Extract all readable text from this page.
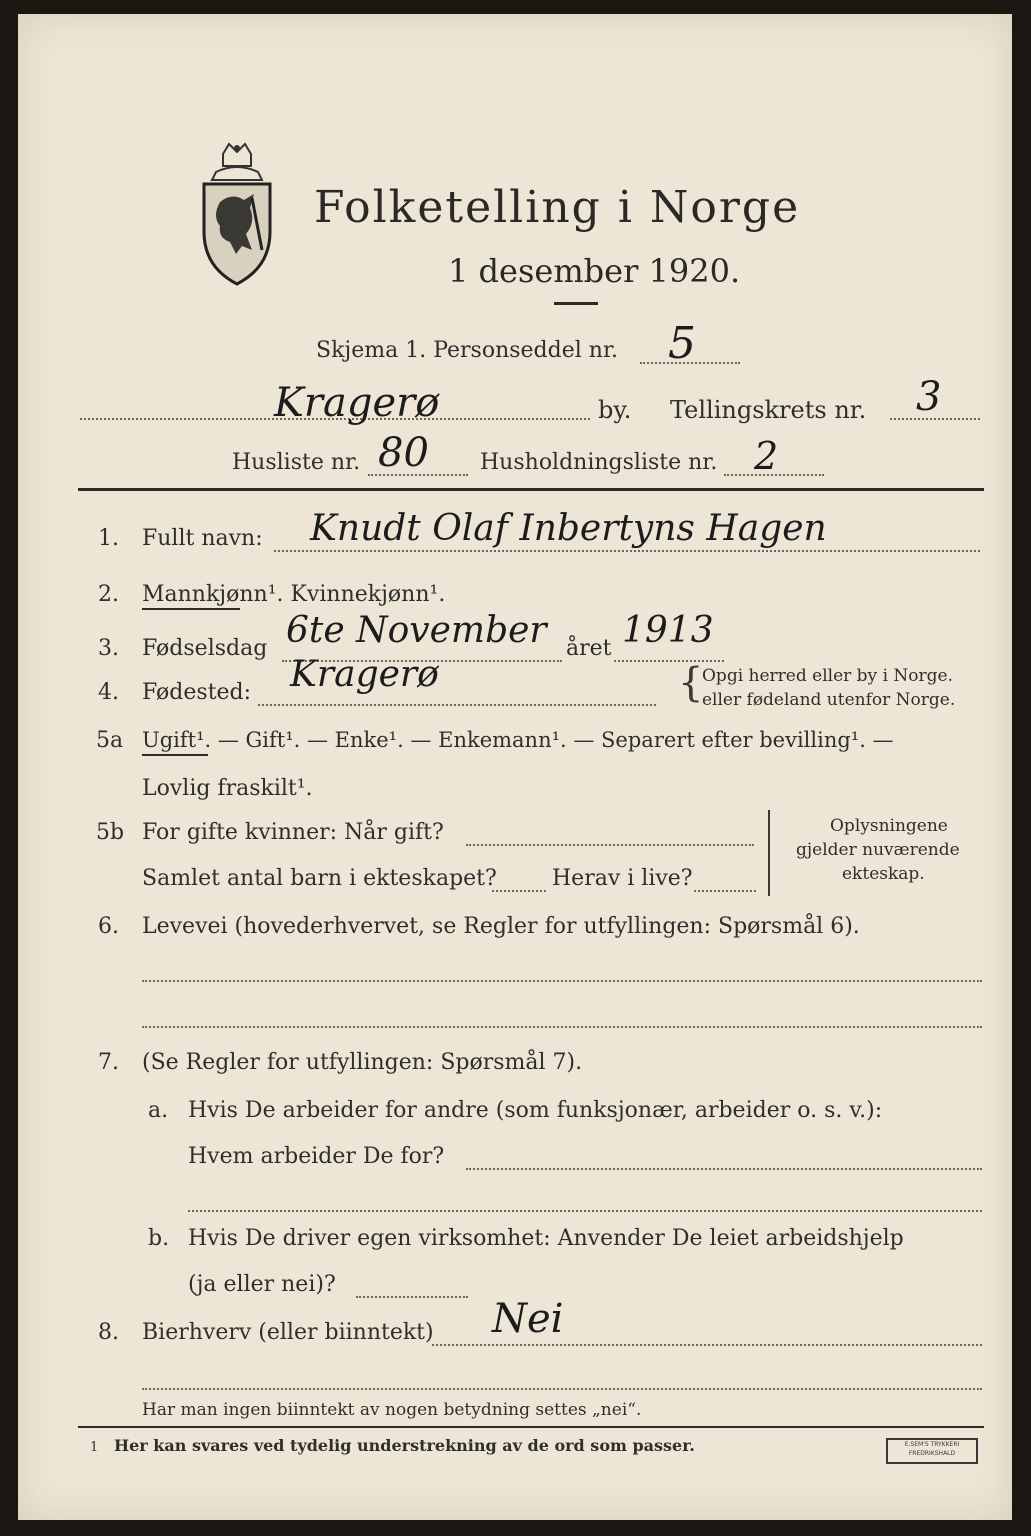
Folketelling i Norge
1 desember 1920.
Skjema 1. Personseddel nr. 5
Kragerø	by. Tellingskrets nr. 3
Husliste nr. 80 Husholdningsliste nr. 2
1. Fullt navn: Knudt Olaf Inbertyns Hagen
2. Mannkjønn¹. Kvinnekjønn¹.
3. Fødselsdag 6te November året 1913
4. Fødested: Kragerø	{
Opgi herred eller by i Norge.
eller fødeland utenfor Norge.
5a Ugift¹. — Gift¹. — Enke¹. — Enkemann¹. — Separert efter bevilling¹. —
Lovlig fraskilt¹.
5b For gifte kvinner: Når gift?
Samlet antal barn i ekteskapet?	Herav i live?
Oplysningene
gjelder nuværende
ekteskap.
6. Levevei (hovederhvervet, se Regler for utfyllingen: Spørsmål 6).
7. (Se Regler for utfyllingen: Spørsmål 7).
a. Hvis De arbeider for andre (som funksjonær, arbeider o. s. v.):
Hvem arbeider De for?
b. Hvis De driver egen virksomhet: Anvender De leiet arbeidshjelp
(ja eller nei)?
8. Bierhverv (eller biinntekt) Nei
Har man ingen biinntekt av nogen betydning settes „nei“.
1 Her kan svares ved tydelig understrekning av de ord som passer.	E.SEM'S TRYKKERI FREDRIKSHALD
